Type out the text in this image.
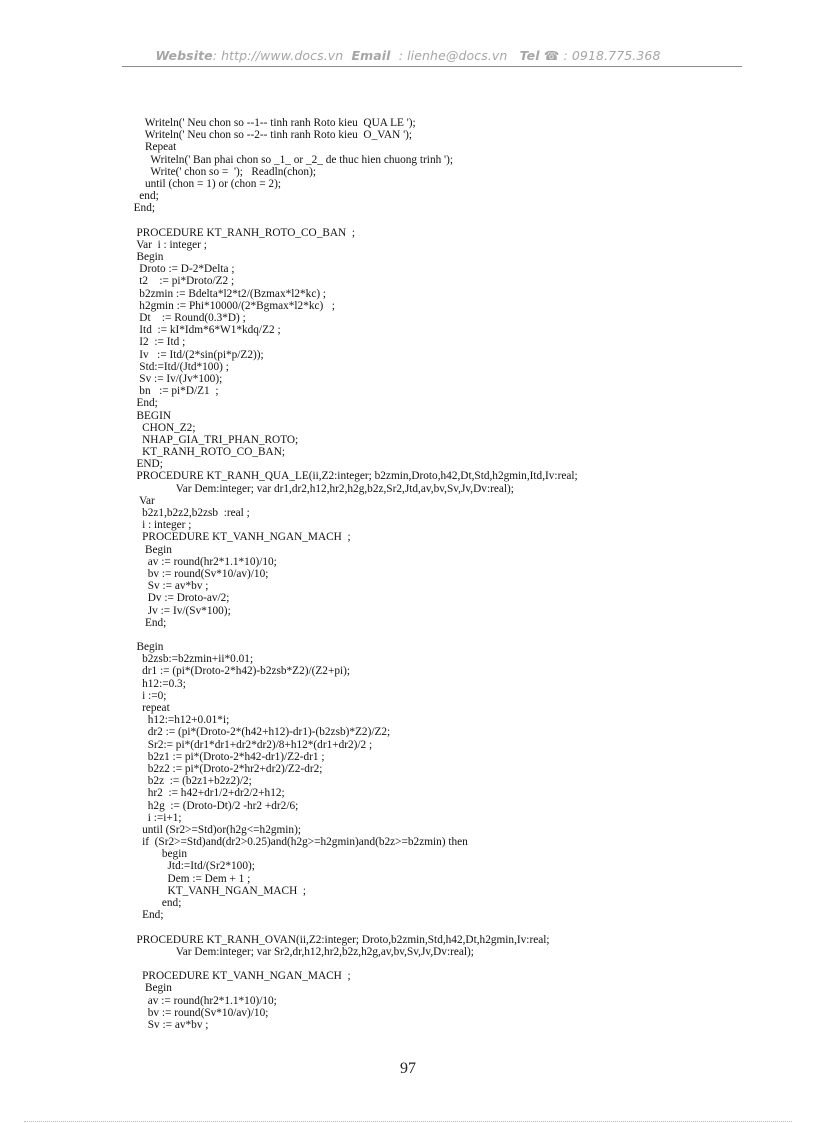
Website: http://www.docs.vn Email : lienhe@docs.vn Tel ☎ : 0918.775.368
Writeln(' Neu chon so --1-- tinh ranh Roto kieu  QUA LE ');
Writeln(' Neu chon so --2-- tinh ranh Roto kieu  O_VAN ');
Repeat
Writeln(' Ban phai chon so _1_ or _2_ de thuc hien chuong trinh ');
Write(' chon so =  ');   Readln(chon);
until (chon = 1) or (chon = 2);
end;
End;
PROCEDURE KT_RANH_ROTO_CO_BAN  ;
Var  i : integer ;
Begin
Droto := D-2*Delta ;
t2    := pi*Droto/Z2 ;
b2zmin := Bdelta*l2*t2/(Bzmax*l2*kc) ;
h2gmin := Phi*10000/(2*Bgmax*l2*kc)   ;
Dt    := Round(0.3*D) ;
Itd  := kI*Idm*6*W1*kdq/Z2 ;
I2  := Itd ;
Iv   := Itd/(2*sin(pi*p/Z2));
Std:=Itd/(Jtd*100) ;
Sv := Iv/(Jv*100);
bn   := pi*D/Z1  ;
End;
BEGIN
CHON_Z2;
NHAP_GIA_TRI_PHAN_ROTO;
KT_RANH_ROTO_CO_BAN;
END;
PROCEDURE KT_RANH_QUA_LE(ii,Z2:integer; b2zmin,Droto,h42,Dt,Std,h2gmin,Itd,Iv:real;
Var Dem:integer; var dr1,dr2,h12,hr2,h2g,b2z,Sr2,Jtd,av,bv,Sv,Jv,Dv:real);
Var
b2z1,b2z2,b2zsb  :real ;
i : integer ;
PROCEDURE KT_VANH_NGAN_MACH  ;
Begin
av := round(hr2*1.1*10)/10;
bv := round(Sv*10/av)/10;
Sv := av*bv ;
Dv := Droto-av/2;
Jv := Iv/(Sv*100);
End;
Begin
b2zsb:=b2zmin+ii*0.01;
dr1 := (pi*(Droto-2*h42)-b2zsb*Z2)/(Z2+pi);
h12:=0.3;
i :=0;
repeat
h12:=h12+0.01*i;
dr2 := (pi*(Droto-2*(h42+h12)-dr1)-(b2zsb)*Z2)/Z2;
Sr2:= pi*(dr1*dr1+dr2*dr2)/8+h12*(dr1+dr2)/2 ;
b2z1 := pi*(Droto-2*h42-dr1)/Z2-dr1 ;
b2z2 := pi*(Droto-2*hr2+dr2)/Z2-dr2;
b2z  := (b2z1+b2z2)/2;
hr2  := h42+dr1/2+dr2/2+h12;
h2g  := (Droto-Dt)/2 -hr2 +dr2/6;
i :=i+1;
until (Sr2>=Std)or(h2g<=h2gmin);
if  (Sr2>=Std)and(dr2>0.25)and(h2g>=h2gmin)and(b2z>=b2zmin) then
begin
Jtd:=Itd/(Sr2*100);
Dem := Dem + 1 ;
KT_VANH_NGAN_MACH  ;
end;
End;
PROCEDURE KT_RANH_OVAN(ii,Z2:integer; Droto,b2zmin,Std,h42,Dt,h2gmin,Iv:real;
Var Dem:integer; var Sr2,dr,h12,hr2,b2z,h2g,av,bv,Sv,Jv,Dv:real);
PROCEDURE KT_VANH_NGAN_MACH  ;
Begin
av := round(hr2*1.1*10)/10;
bv := round(Sv*10/av)/10;
Sv := av*bv ;
97
